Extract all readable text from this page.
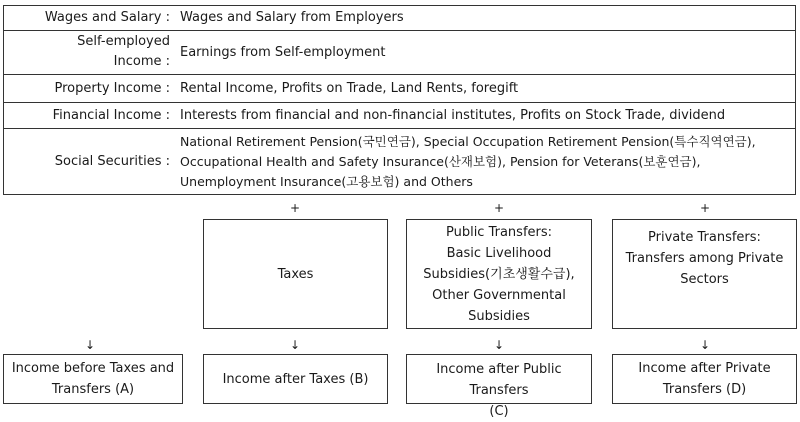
Wages and Salary : Wages and Salary from Employers
Self-employed
Income :
Earnings from Self-employment
Property Income : Rental Income, Profits on Trade, Land Rents, foregift
Financial Income : Interests from financial and non-financial institutes, Profits on Stock Trade, dividend
Social Securities :
National Retirement Pension(국민연금), Special Occupation Retirement Pension(특수직역연금),
Occupational Health and Safety Insurance(산재보험), Pension for Veterans(보훈연금),
Unemployment Insurance(고용보험) and Others
+	+	+
Taxes
Public Transfers:
Basic Livelihood
Subsidies(기초생활수급),
Other Governmental
Subsidies
Private Transfers:
Transfers among Private
Sectors
↓	↓	↓	↓
Income before Taxes and
Transfers (A)
Income after Taxes (B)
Income after Public Transfers
(C)
Income after Private
Transfers (D)
